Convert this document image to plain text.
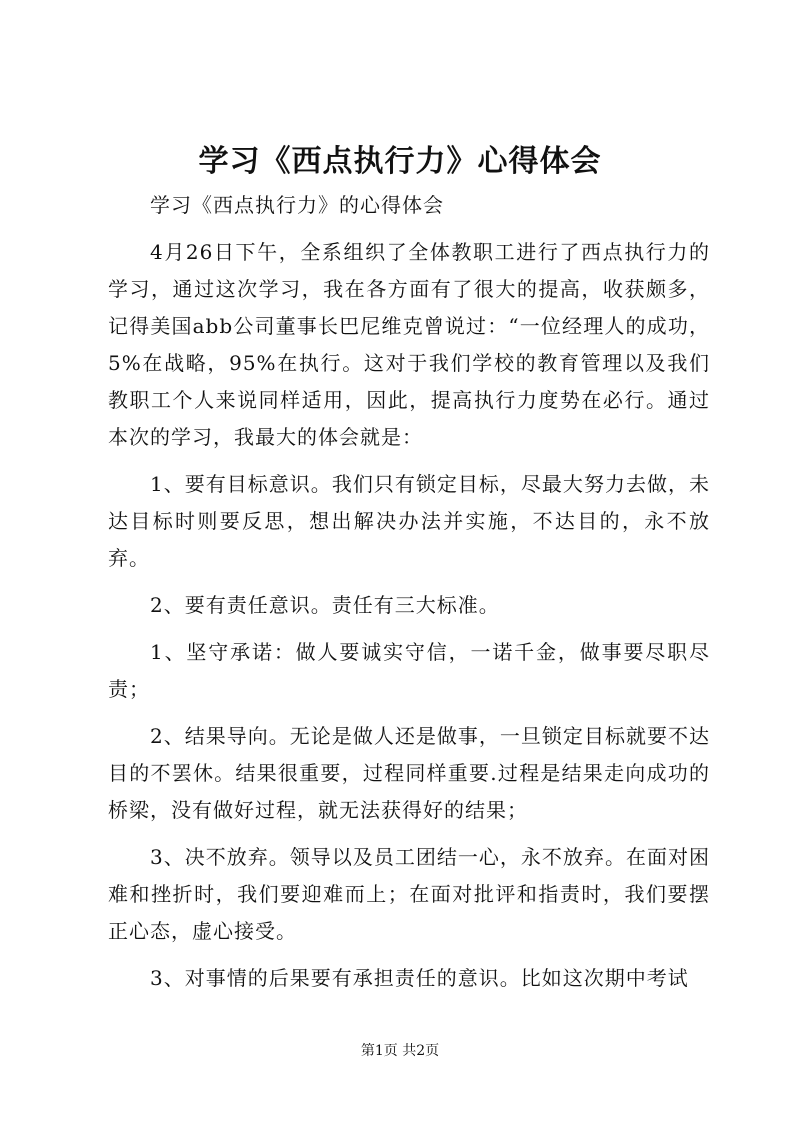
学习《西点执行力》心得体会

学习《西点执行力》的心得体会

4月26日下午，全系组织了全体教职工进行了西点执行力的学习，通过这次学习，我在各方面有了很大的提高，收获颇多，记得美国abb公司董事长巴尼维克曾说过：“一位经理人的成功，5%在战略，95%在执行。这对于我们学校的教育管理以及我们教职工个人来说同样适用，因此，提高执行力度势在必行。通过本次的学习，我最大的体会就是：

1、要有目标意识。我们只有锁定目标，尽最大努力去做，未达目标时则要反思，想出解决办法并实施，不达目的，永不放弃。

2、要有责任意识。责任有三大标准。

1、坚守承诺：做人要诚实守信，一诺千金，做事要尽职尽责；

2、结果导向。无论是做人还是做事，一旦锁定目标就要不达目的不罢休。结果很重要，过程同样重要.过程是结果走向成功的桥梁，没有做好过程，就无法获得好的结果；

3、决不放弃。领导以及员工团结一心，永不放弃。在面对困难和挫折时，我们要迎难而上；在面对批评和指责时，我们要摆正心态，虚心接受。

3、对事情的后果要有承担责任的意识。比如这次期中考试

第1页 共2页
